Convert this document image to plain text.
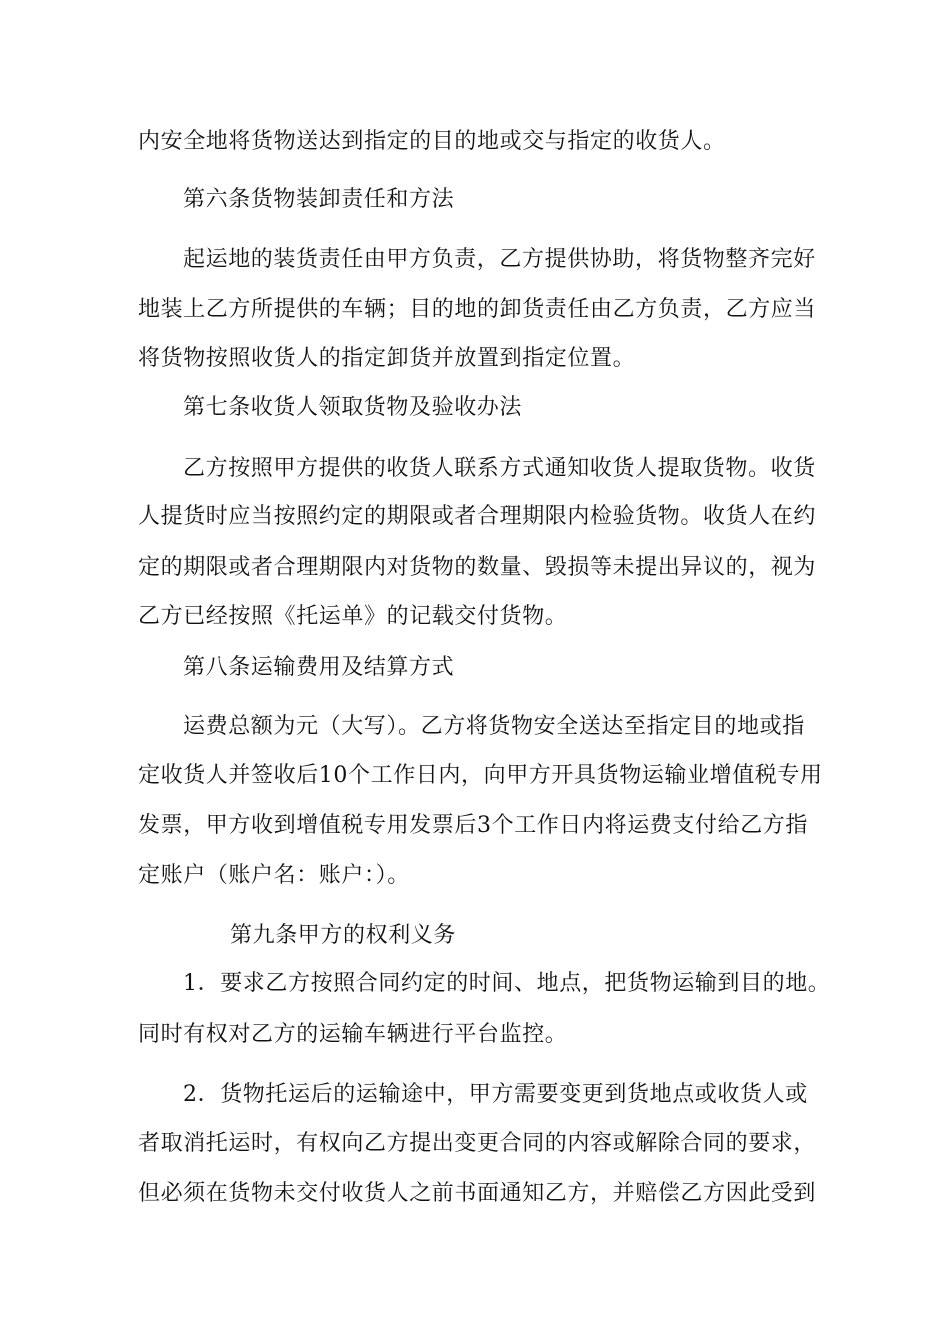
内安全地将货物送达到指定的目的地或交与指定的收货人。
第六条货物装卸责任和方法
起运地的装货责任由甲方负责，乙方提供协助，将货物整齐完好
地装上乙方所提供的车辆；目的地的卸货责任由乙方负责，乙方应当
将货物按照收货人的指定卸货并放置到指定位置。
第七条收货人领取货物及验收办法
乙方按照甲方提供的收货人联系方式通知收货人提取货物。收货
人提货时应当按照约定的期限或者合理期限内检验货物。收货人在约
定的期限或者合理期限内对货物的数量、毁损等未提出异议的，视为
乙方已经按照《托运单》的记载交付货物。
第八条运输费用及结算方式
运费总额为元（大写）。乙方将货物安全送达至指定目的地或指
定收货人并签收后10个工作日内，向甲方开具货物运输业增值税专用
发票，甲方收到增值税专用发票后3个工作日内将运费支付给乙方指
定账户（账户名：账户：）。
第九条甲方的权利义务
1．要求乙方按照合同约定的时间、地点，把货物运输到目的地。
同时有权对乙方的运输车辆进行平台监控。
2．货物托运后的运输途中，甲方需要变更到货地点或收货人或
者取消托运时，有权向乙方提出变更合同的内容或解除合同的要求，
但必须在货物未交付收货人之前书面通知乙方，并赔偿乙方因此受到
